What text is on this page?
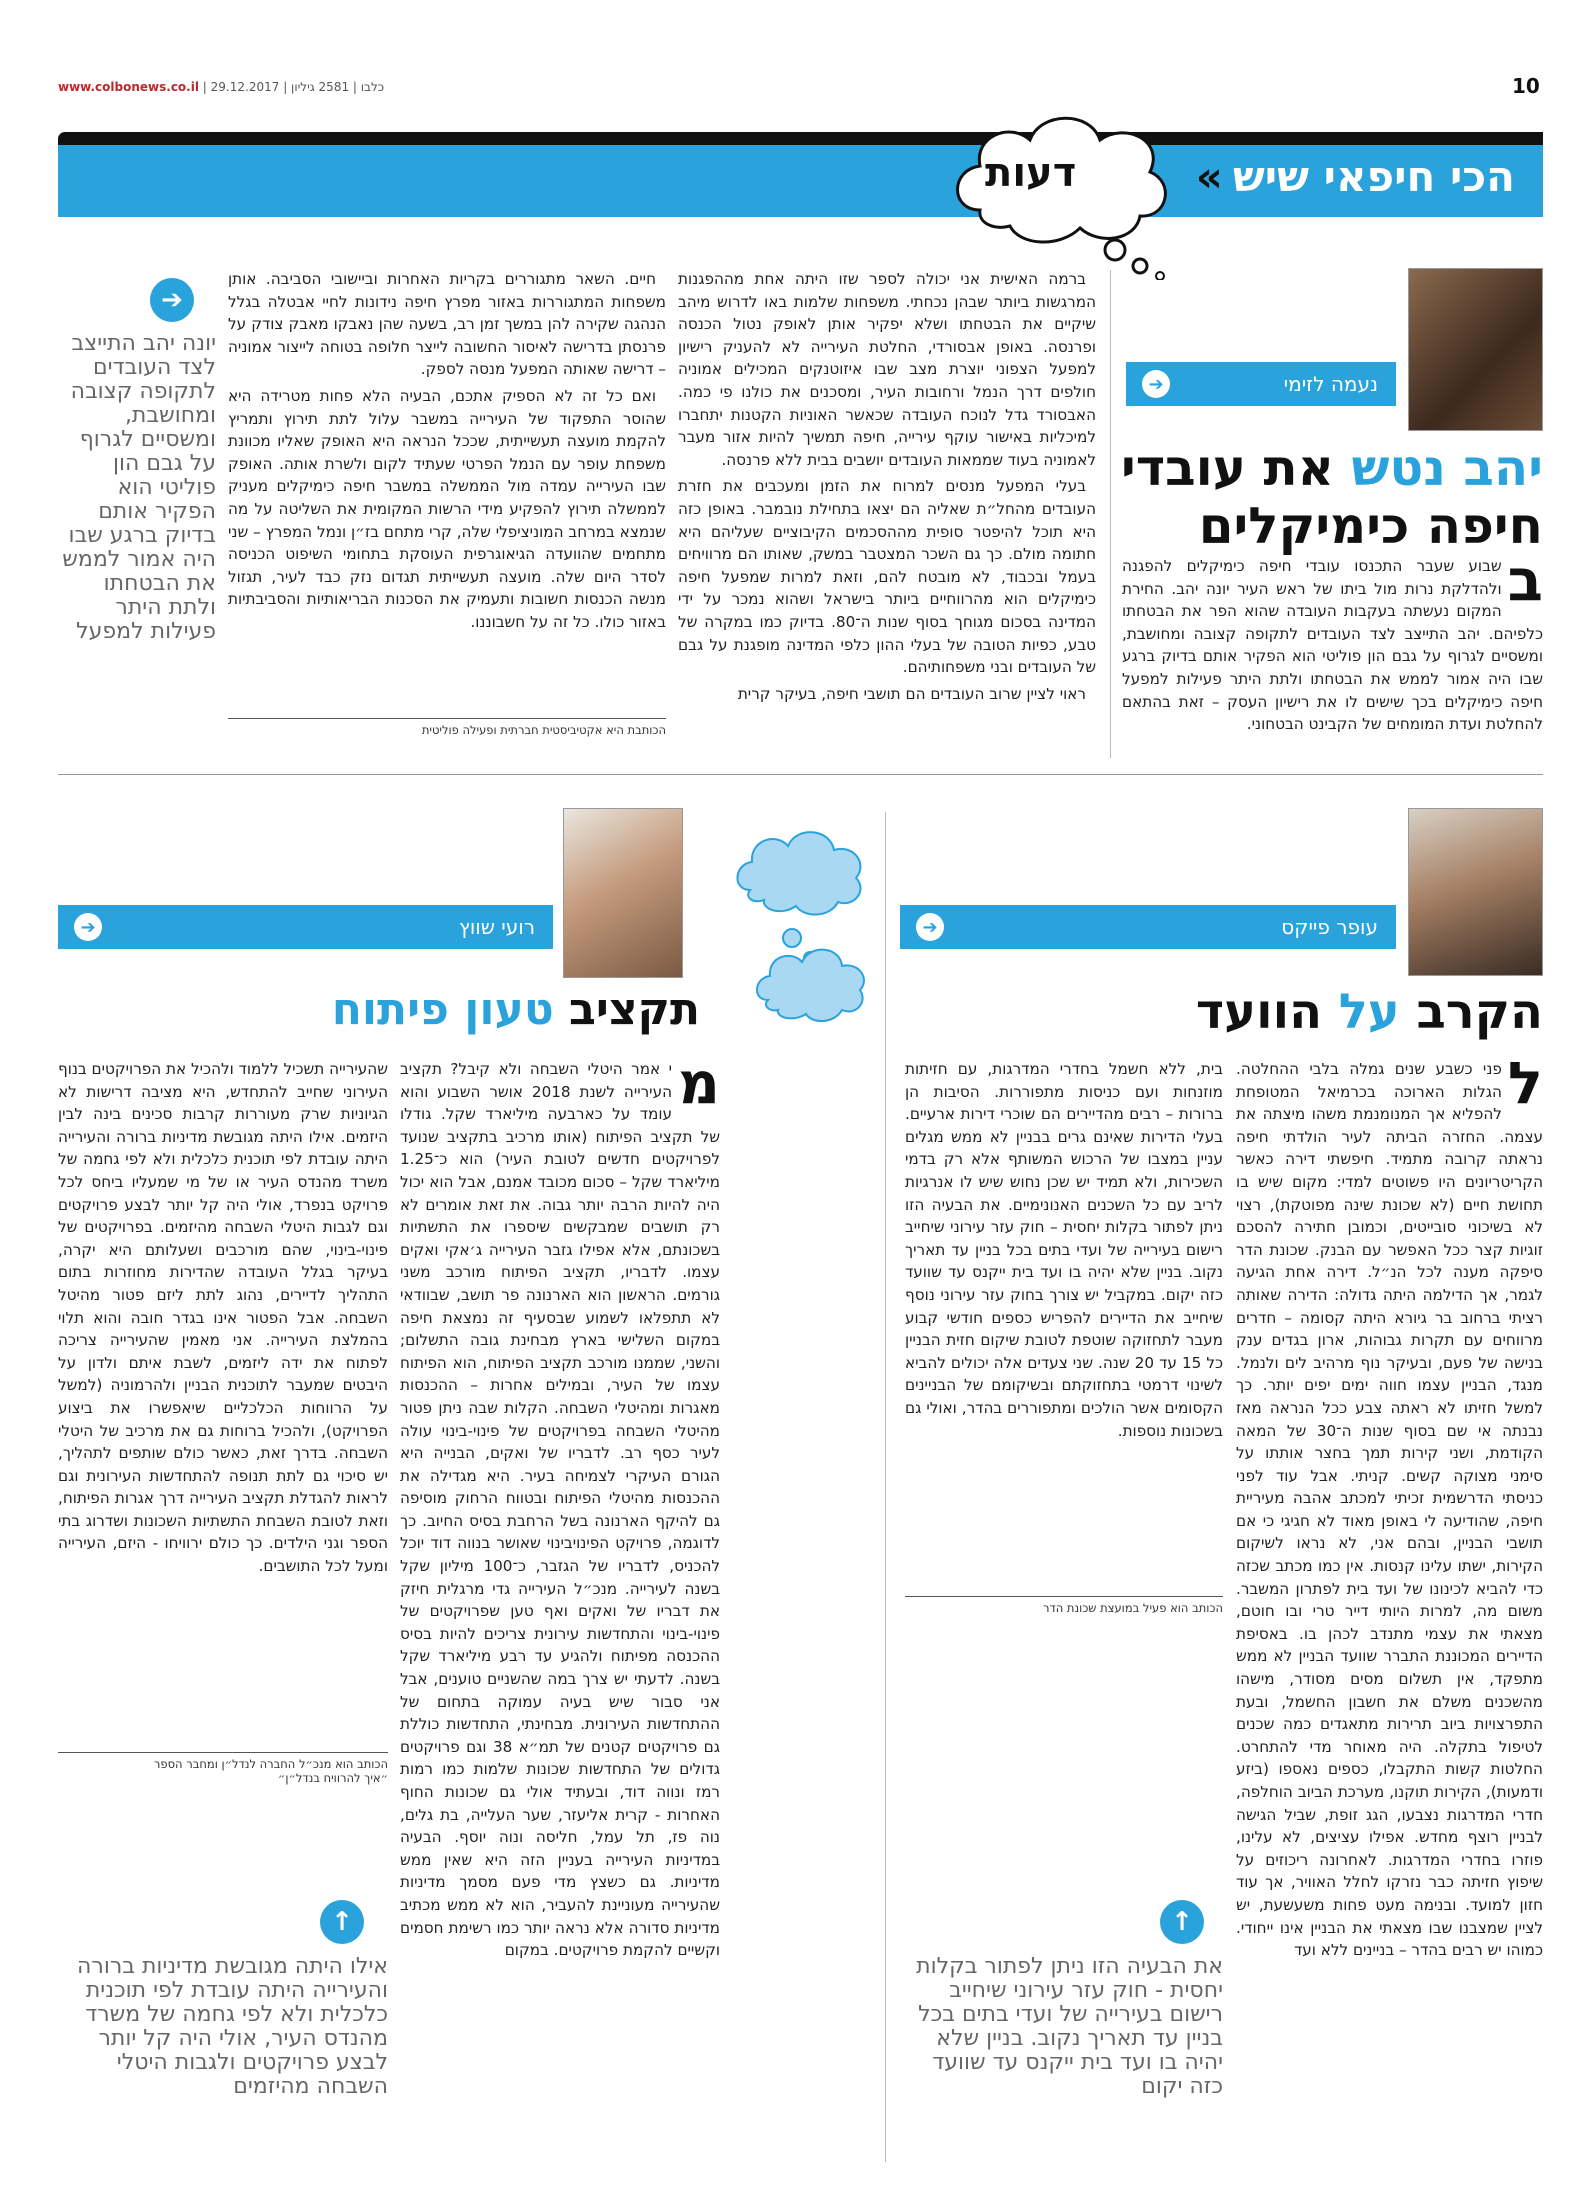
www.colbonews.co.il | כלבו | 2581 גיליון | 29.12.2017	10
הכי חיפאי שיש»
דעות
נעמה לזימי
➔
יהב נטש את עובדי
חיפה כימיקלים
ב
שבוע שעבר התכנסו עובדי חיפה כימיקלים להפגנה ולהדלקת נרות מול ביתו של ראש העיר יונה יהב. החירת המקום נעשתה בעקבות העובדה שהוא הפר את הבטחתו כלפיהם. יהב התייצב לצד העובדים לתקופה קצובה ומחושבת, ומשסיים לגרוף על גבם הון פוליטי הוא הפקיר אותם בדיוק ברגע שבו היה אמור לממש את הבטחתו ולתת היתר פעילות למפעל חיפה כימיקלים בכך שישים לו את רישיון העסק – זאת בהתאם להחלטת ועדת המומחים של הקבינט הבטחוני.

ברמה האישית אני יכולה לספר שזו היתה אחת מההפגנות המרגשות ביותר שבהן נכחתי. משפחות שלמות באו לדרוש מיהב שיקיים את הבטחתו ושלא יפקיר אותן לאופק נטול הכנסה ופרנסה. באופן אבסורדי, החלטת העירייה לא להעניק רישיון למפעל הצפוני יוצרת מצב שבו איזוטנקים המכילים אמוניה חולפים דרך הנמל ורחובות העיר, ומסכנים את כולנו פי כמה. האבסורד גדל לנוכח העובדה שכאשר האוניות הקטנות יתחברו למיכליות באישור עוקף עירייה, חיפה תמשיך להיות אזור מעבר לאמוניה בעוד שממאות העובדים יושבים בבית ללא פרנסה.

בעלי המפעל מנסים למרוח את הזמן ומעכבים את חזרת העובדים מהחל״ת שאליה הם יצאו בתחילת נובמבר. באופן כזה היא תוכל להיפטר סופית מההסכמים הקיבוציים שעליהם היא חתומה מולם. כך גם השכר המצטבר במשק, שאותו הם מרוויחים בעמל ובכבוד, לא מובטח להם, וזאת למרות שמפעל חיפה כימיקלים הוא מהרווחיים ביותר בישראל ושהוא נמכר על ידי המדינה בסכום מגוחך בסוף שנות ה־80. בדיוק כמו במקרה של טבע, כפיות הטובה של בעלי ההון כלפי המדינה מופגנת על גבם של העובדים ובני משפחותיהם.

ראוי לציין שרוב העובדים הם תושבי חיפה, בעיקר קרית

חיים. השאר מתגוררים בקריות האחרות וביישובי הסביבה. אותן משפחות המתגוררות באזור מפרץ חיפה נידונות לחיי אבטלה בגלל הנהגה שקירה להן במשך זמן רב, בשעה שהן נאבקו מאבק צודק על פרנסתן בדרישה לאיסור החשובה לייצר חלופה בטוחה לייצור אמוניה – דרישה שאותה המפעל מנסה לספק.

ואם כל זה לא הספיק אתכם, הבעיה הלא פחות מטרידה היא שהוסר התפקוד של העירייה במשבר עלול לתת תירוץ ותמריץ להקמת מועצה תעשייתית, שככל הנראה היא האופק שאליו מכוונת משפחת עופר עם הנמל הפרטי שעתיד לקום ולשרת אותה. האופק שבו העירייה עמדה מול הממשלה במשבר חיפה כימיקלים מעניק לממשלה תירוץ להפקיע מידי הרשות המקומית את השליטה על מה שנמצא במרחב המוניציפלי שלה, קרי מתחם בז״ן ונמל המפרץ – שני מתחמים שהוועדה הגיאוגרפית העוסקת בתחומי השיפוט הכניסה לסדר היום שלה. מועצה תעשייתית תגדום נזק כבד לעיר, תגזול מנשה הכנסות חשובות ותעמיק את הסכנות הבריאותיות והסביבתיות באזור כולו. כל זה על חשבוננו.

הכותבת היא אקטיביסטית חברתית ופעילה פוליטית
➔
יונה יהב התייצב לצד העובדים לתקופה קצובה ומחושבת, ומשסיים לגרוף על גבם הון פוליטי הוא הפקיר אותם בדיוק ברגע שבו היה אמור לממש את הבטחתו ולתת היתר פעילות למפעל
עופר פייקס
➔
הקרב על הוועד
ל
פני כשבע שנים גמלה בלבי ההחלטה. הגלות הארוכה בכרמיאל המטופחת להפליא אך המנומנמת משהו מיצתה את עצמה. החזרה הביתה לעיר הולדתי חיפה נראתה קרובה מתמיד. חיפשתי דירה כאשר הקריטריונים היו פשוטים למדי: מקום שיש בו תחושת חיים (לא שכונת שינה מפוטקת), רצוי לא בשיכוני סובייטים, וכמובן חתירה להסכם זוגיות קצר ככל האפשר עם הבנק. שכונת הדר סיפקה מענה לכל הנ״ל. דירה אחת הגיעה לגמר, אך הדילמה היתה גדולה: הדירה שאותה רציתי ברחוב בר גיורא היתה קסומה – חדרים מרווחים עם תקרות גבוהות, ארון בגדים ענק בנישה של פעם, ובעיקר נוף מרהיב לים ולנמל. מנגד, הבניין עצמו חווה ימים יפים יותר. כך למשל חזיתו לא ראתה צבע ככל הנראה מאז נבנתה אי שם בסוף שנות ה־30 של המאה הקודמת, ושני קירות תמך בחצר אותתו על סימני מצוקה קשים. קניתי. אבל עוד לפני כניסתי הדרשמית זכיתי למכתב אהבה מעיריית חיפה, שהודיעה לי באופן מאוד לא חגיגי כי אם תושבי הבניין, ובהם אני, לא נראו לשיקום הקירות, ישתו עלינו קנסות. אין כמו מכתב שכזה כדי להביא לכינונו של ועד בית לפתרון המשבר. משום מה, למרות היותי דייר טרי ובו חוטם, מצאתי את עצמי מתנדב לכהן בו. באסיפת הדיירים המכוננת התברר שוועד הבניין לא ממש מתפקד, אין תשלום מסים מסודר, מישהו מהשכנים משלם את חשבון החשמל, ובעת התפרצויות ביוב תרירות מתאגדים כמה שכנים לטיפול בתקלה. היה מאוחר מדי להתחרט. החלטות קשות התקבלו, כספים נאספו (ביזע ודמעות), הקירות תוקנו, מערכת הביוב הוחלפה, חדרי המדרגות נצבעו, הגג זופת, שביל הגישה לבניין רוצף מחדש. אפילו עציצים, לא עלינו, פוזרו בחדרי המדרגות. לאחרונה ריכוזים על שיפוץ חזיתה כבר נזרקו לחלל האוויר, אך עוד חזון למועד. ובנימה מעט פחות משעשעת, יש לציין שמצבנו שבו מצאתי את הבניין אינו ייחודי. כמוהו יש רבים בהדר – בניינים ללא ועד
בית, ללא חשמל בחדרי המדרגות, עם חזיתות מוזנחות ועם כניסות מתפוררות. הסיבות הן ברורות – רבים מהדיירים הם שוכרי דירות ארעיים. בעלי הדירות שאינם גרים בבניין לא ממש מגלים עניין במצבו של הרכוש המשותף אלא רק בדמי השכירות, ולא תמיד יש שכן נחוש שיש לו אנרגיות לריב עם כל השכנים האנונימיים. את הבעיה הזו ניתן לפתור בקלות יחסית – חוק עזר עירוני שיחייב רישום בעירייה של ועדי בתים בכל בניין עד תאריך נקוב. בניין שלא יהיה בו ועד בית ייקנס עד שוועד כזה יקום. במקביל יש צורך בחוק עזר עירוני נוסף שיחייב את הדיירים להפריש כספים חודשי קבוע מעבר לתחזוקה שוטפת לטובת שיקום חזית הבניין כל 15 עד 20 שנה. שני צעדים אלה יכולים להביא לשינוי דרמטי בתחזוקתם ובשיקומם של הבניינים הקסומים אשר הולכים ומתפוררים בהדר, ואולי גם בשכונות נוספות.
הכותב הוא פעיל במועצת שכונת הדר
↑
את הבעיה הזו ניתן לפתור בקלות יחסית - חוק עזר עירוני שיחייב רישום בעירייה של ועדי בתים בכל בניין עד תאריך נקוב. בניין שלא יהיה בו ועד בית ייקנס עד שוועד כזה יקום
רועי שווץ
➔
תקציב טעון פיתוח
מ
י אמר היטלי השבחה ולא קיבל? תקציב העירייה לשנת 2018 אושר השבוע והוא עומד על כארבעה מיליארד שקל. גודלו של תקציב הפיתוח (אותו מרכיב בתקציב שנועד לפרויקטים חדשים לטובת העיר) הוא כ־1.25 מיליארד שקל – סכום מכובד אמנם, אבל הוא יכול היה להיות הרבה יותר גבוה. את זאת אומרים לא רק תושבים שמבקשים שיספרו את התשתיות בשכונתם, אלא אפילו גזבר העירייה ג׳אקי ואקים עצמו. לדבריו, תקציב הפיתוח מורכב משני גורמים. הראשון הוא הארנונה פר תושב, שבוודאי לא תתפלאו לשמוע שבסעיף זה נמצאת חיפה במקום השלישי בארץ מבחינת גובה התשלום; והשני, שממנו מורכב תקציב הפיתוח, הוא הפיתוח עצמו של העיר, ובמילים אחרות – ההכנסות מאגרות ומהיטלי השבחה. הקלות שבה ניתן פטור מהיטלי השבחה בפרויקטים של פינוי-בינוי עולה לעיר כסף רב. לדבריו של ואקים, הבנייה היא הגורם העיקרי לצמיחה בעיר. היא מגדילה את ההכנסות מהיטלי הפיתוח ובטווח הרחוק מוסיפה גם להיקף הארנונה בשל הרחבת בסיס החיוב. כך לדוגמה, פרויקט הפינויבינוי שאושר בנווה דוד יוכל להכניס, לדבריו של הגזבר, כ־100 מיליון שקל בשנה לעירייה. מנכ״ל העירייה גדי מרגלית חיזק את דבריו של ואקים ואף טען שפרויקטים של פינוי-בינוי והתחדשות עירונית צריכים להיות בסיס ההכנסה מפיתוח ולהגיע עד רבע מיליארד שקל בשנה. לדעתי יש צרך במה שהשניים טוענים, אבל אני סבור שיש בעיה עמוקה בתחום של ההתחדשות העירונית. מבחינתי, התחדשות כוללת גם פרויקטים קטנים של תמ״א 38 וגם פרויקטים גדולים של התחדשות שכונות שלמות כמו רמות רמז ונווה דוד, ובעתיד אולי גם שכונות החוף האחרות - קרית אליעזר, שער העלייה, בת גלים, נוה פז, תל עמל, חליסה ונוה יוסף. הבעיה במדיניות העירייה בעניין הזה היא שאין ממש מדיניות. גם כשצץ מדי פעם מסמך מדיניות שהעירייה מעוניינת להעביר, הוא לא ממש מכתיב מדיניות סדורה אלא נראה יותר כמו רשימת חסמים וקשיים להקמת פרויקטים. במקום
שהעירייה תשכיל ללמוד ולהכיל את הפרויקטים בנוף העירוני שחייב להתחדש, היא מציבה דרישות לא הגיוניות שרק מעוררות קרבות סכינים בינה לבין היזמים. אילו היתה מגובשת מדיניות ברורה והעירייה היתה עובדת לפי תוכנית כלכלית ולא לפי גחמה של משרד מהנדס העיר או של מי שמעליו ביחס לכל פרויקט בנפרד, אולי היה קל יותר לבצע פרויקטים וגם לגבות היטלי השבחה מהיזמים. בפרויקטים של פינוי-בינוי, שהם מורכבים ושעלותם היא יקרה, בעיקר בגלל העובדה שהדירות מחוזרות בתום התהליך לדיירים, נהוג לתת ליזם פטור מהיטל השבחה. אבל הפטור אינו בגדר חובה והוא תלוי בהמלצת העירייה. אני מאמין שהעירייה צריכה לפתוח את ידה ליזמים, לשבת איתם ולדון על היבטים שמעבר לתוכנית הבניין ולהרמוניה (למשל על הרווחות הכלכליים שיאפשרו את ביצוע הפרויקט), ולהכיל ברוחות גם את מרכיב של היטלי השבחה. בדרך זאת, כאשר כולם שותפים לתהליך, יש סיכוי גם לתת תנופה להתחדשות העירונית וגם לראות להגדלת תקציב העירייה דרך אגרות הפיתוח, וזאת לטובת השבחת התשתיות השכונות ושדרוג בתי הספר וגני הילדים. כך כולם ירוויחו - היזם, העירייה ומעל לכל התושבים.
הכותב הוא מנכ״ל החברה לנדל״ן ומחבר הספר
״איך להרוויח בנדל״ן״
↑
אילו היתה מגובשת מדיניות ברורה והעירייה היתה עובדת לפי תוכנית כלכלית ולא לפי גחמה של משרד מהנדס העיר, אולי היה קל יותר לבצע פרויקטים ולגבות היטלי השבחה מהיזמים
